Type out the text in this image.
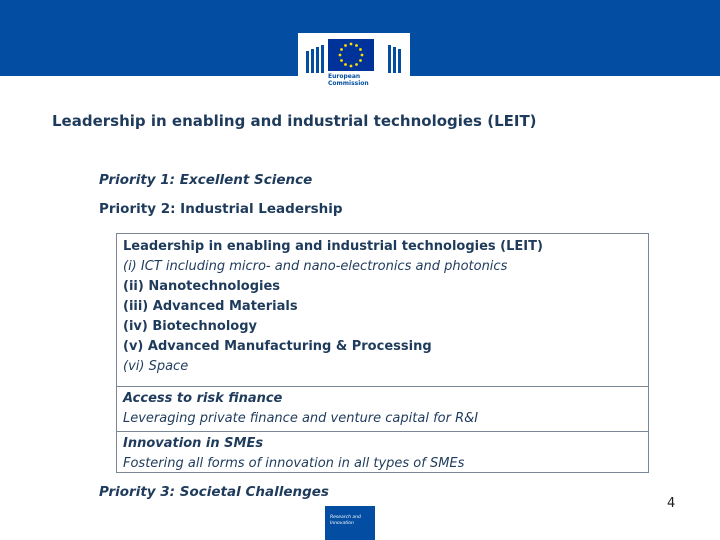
European
Commission
Leadership in enabling and industrial technologies (LEIT)
Priority 1: Excellent Science
Priority 2: Industrial Leadership
Leadership in enabling and industrial technologies (LEIT)
(i) ICT including micro- and nano-electronics and photonics
(ii) Nanotechnologies
(iii) Advanced Materials
(iv) Biotechnology
(v) Advanced Manufacturing & Processing
(vi) Space
Access to risk finance
Leveraging private finance and venture capital for R&I
Innovation in SMEs
Fostering all forms of innovation in all types of SMEs
Priority 3: Societal Challenges
4
Research and
Innovation
